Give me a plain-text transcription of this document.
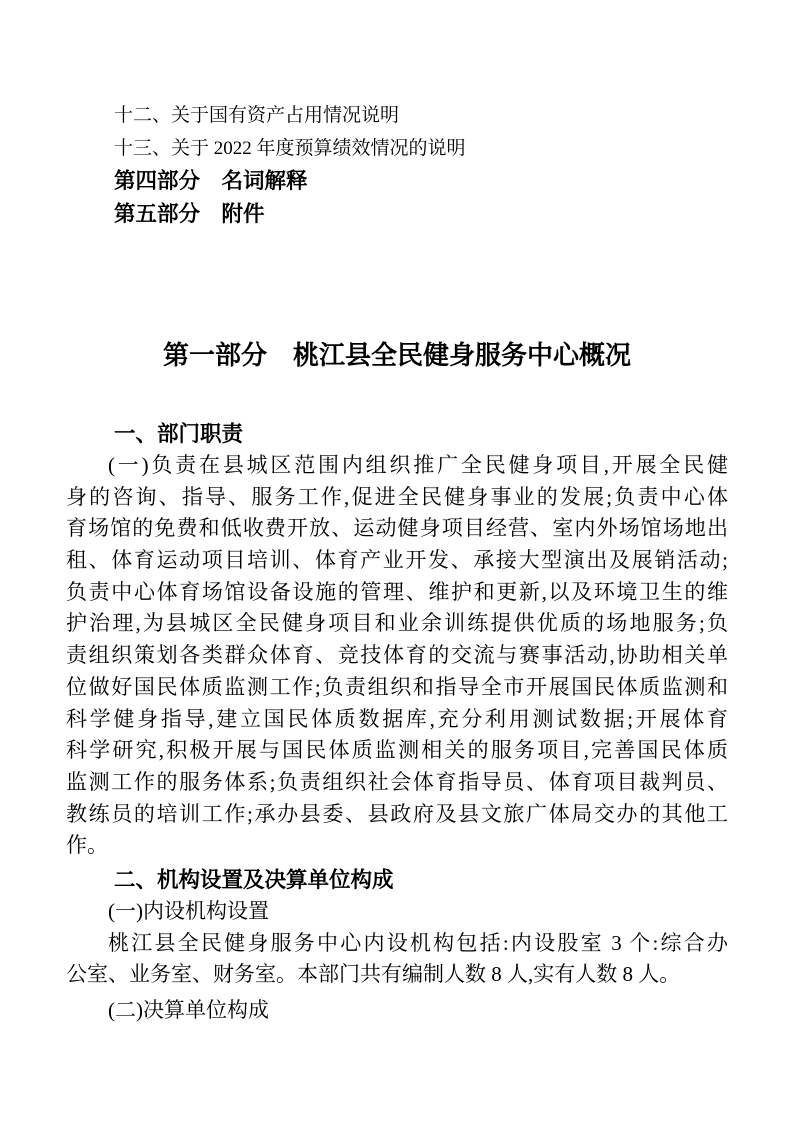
十二、关于国有资产占用情况说明
十三、关于 2022 年度预算绩效情况的说明
第四部分　名词解释
第五部分　附件
第一部分　桃江县全民健身服务中心概况
一、部门职责
(一)负责在县城区范围内组织推广全民健身项目,开展全民健
身的咨询、指导、服务工作,促进全民健身事业的发展;负责中心体
育场馆的免费和低收费开放、运动健身项目经营、室内外场馆场地出
租、体育运动项目培训、体育产业开发、承接大型演出及展销活动;
负责中心体育场馆设备设施的管理、维护和更新,以及环境卫生的维
护治理,为县城区全民健身项目和业余训练提供优质的场地服务;负
责组织策划各类群众体育、竞技体育的交流与赛事活动,协助相关单
位做好国民体质监测工作;负责组织和指导全市开展国民体质监测和
科学健身指导,建立国民体质数据库,充分利用测试数据;开展体育
科学研究,积极开展与国民体质监测相关的服务项目,完善国民体质
监测工作的服务体系;负责组织社会体育指导员、体育项目裁判员、
教练员的培训工作;承办县委、县政府及县文旅广体局交办的其他工
作。
二、机构设置及决算单位构成
(一)内设机构设置
桃江县全民健身服务中心内设机构包括:内设股室 3 个:综合办
公室、业务室、财务室。本部门共有编制人数 8 人,实有人数 8 人。
(二)决算单位构成
